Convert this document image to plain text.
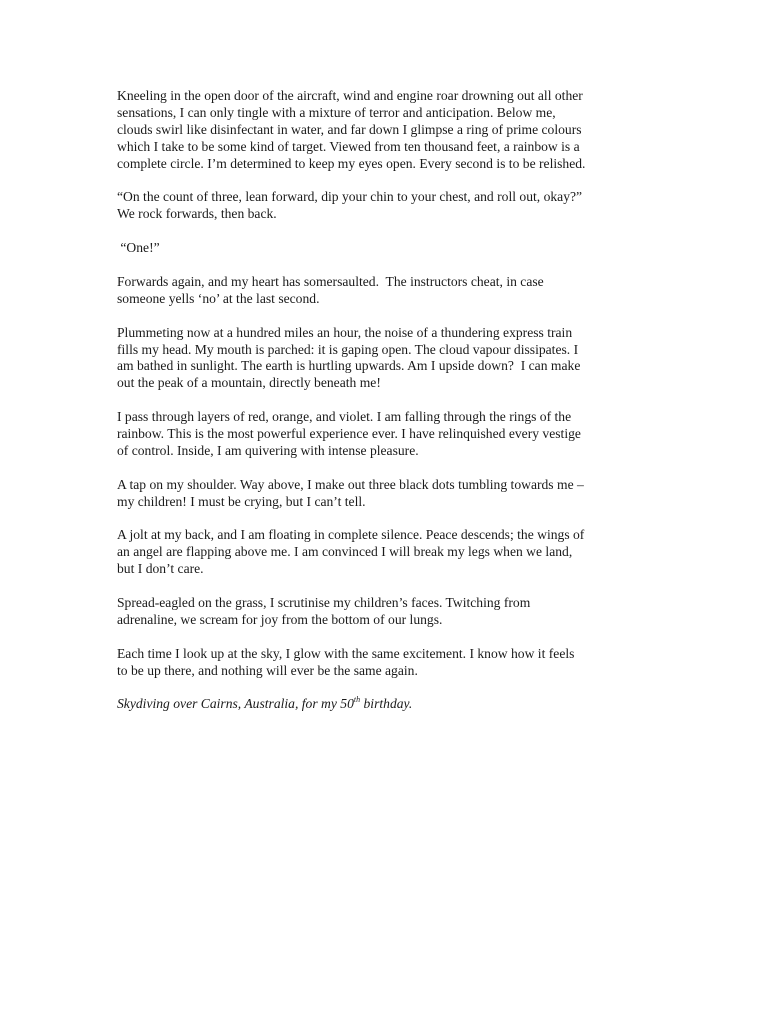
Kneeling in the open door of the aircraft, wind and engine roar drowning out all other
sensations, I can only tingle with a mixture of terror and anticipation. Below me,
clouds swirl like disinfectant in water, and far down I glimpse a ring of prime colours
which I take to be some kind of target. Viewed from ten thousand feet, a rainbow is a
complete circle. I’m determined to keep my eyes open. Every second is to be relished.
“On the count of three, lean forward, dip your chin to your chest, and roll out, okay?”
We rock forwards, then back.
“One!”
Forwards again, and my heart has somersaulted.  The instructors cheat, in case
someone yells ‘no’ at the last second.
Plummeting now at a hundred miles an hour, the noise of a thundering express train
fills my head. My mouth is parched: it is gaping open. The cloud vapour dissipates. I
am bathed in sunlight. The earth is hurtling upwards. Am I upside down?  I can make
out the peak of a mountain, directly beneath me!
I pass through layers of red, orange, and violet. I am falling through the rings of the
rainbow. This is the most powerful experience ever. I have relinquished every vestige
of control. Inside, I am quivering with intense pleasure.
A tap on my shoulder. Way above, I make out three black dots tumbling towards me –
my children! I must be crying, but I can’t tell.
A jolt at my back, and I am floating in complete silence. Peace descends; the wings of
an angel are flapping above me. I am convinced I will break my legs when we land,
but I don’t care.
Spread-eagled on the grass, I scrutinise my children’s faces. Twitching from
adrenaline, we scream for joy from the bottom of our lungs.
Each time I look up at the sky, I glow with the same excitement. I know how it feels
to be up there, and nothing will ever be the same again.

Skydiving over Cairns, Australia, for my 50th birthday.
